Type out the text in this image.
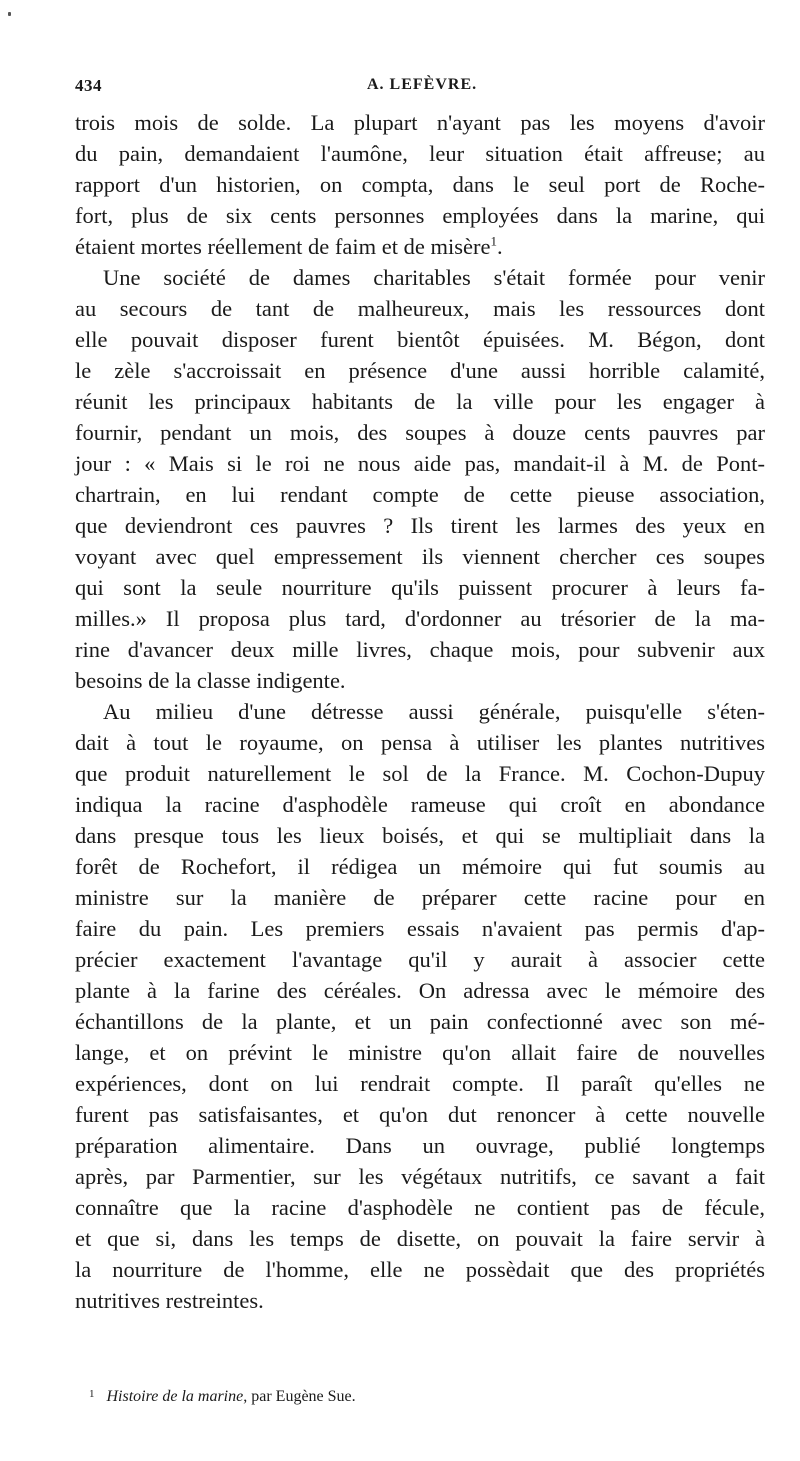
434	A. LEFÈVRE.
trois mois de solde. La plupart n'ayant pas les moyens d'avoir
du pain, demandaient l'aumône, leur situation était affreuse; au
rapport d'un historien, on compta, dans le seul port de Roche-
fort, plus de six cents personnes employées dans la marine, qui
étaient mortes réellement de faim et de misère$^1$.
Une société de dames charitables s'était formée pour venir
au secours de tant de malheureux, mais les ressources dont
elle pouvait disposer furent bientôt épuisées. M. Bégon, dont
le zèle s'accroissait en présence d'une aussi horrible calamité,
réunit les principaux habitants de la ville pour les engager à
fournir, pendant un mois, des soupes à douze cents pauvres par
jour : « Mais si le roi ne nous aide pas, mandait-il à M. de Pont-
chartrain, en lui rendant compte de cette pieuse association,
que deviendront ces pauvres ? Ils tirent les larmes des yeux en
voyant avec quel empressement ils viennent chercher ces soupes
qui sont la seule nourriture qu'ils puissent procurer à leurs fa-
milles.» Il proposa plus tard, d'ordonner au trésorier de la ma-
rine d'avancer deux mille livres, chaque mois, pour subvenir aux
besoins de la classe indigente.
Au milieu d'une détresse aussi générale, puisqu'elle s'éten-
dait à tout le royaume, on pensa à utiliser les plantes nutritives
que produit naturellement le sol de la France. M. Cochon-Dupuy
indiqua la racine d'asphodèle rameuse qui croît en abondance
dans presque tous les lieux boisés, et qui se multipliait dans la
forêt de Rochefort, il rédigea un mémoire qui fut soumis au
ministre sur la manière de préparer cette racine pour en
faire du pain. Les premiers essais n'avaient pas permis d'ap-
précier exactement l'avantage qu'il y aurait à associer cette
plante à la farine des céréales. On adressa avec le mémoire des
échantillons de la plante, et un pain confectionné avec son mé-
lange, et on prévint le ministre qu'on allait faire de nouvelles
expériences, dont on lui rendrait compte. Il paraît qu'elles ne
furent pas satisfaisantes, et qu'on dut renoncer à cette nouvelle
préparation alimentaire. Dans un ouvrage, publié longtemps
après, par Parmentier, sur les végétaux nutritifs, ce savant a fait
connaître que la racine d'asphodèle ne contient pas de fécule,
et que si, dans les temps de disette, on pouvait la faire servir à
la nourriture de l'homme, elle ne possèdait que des propriétés
nutritives restreintes.
$^1$ Histoire de la marine, par Eugène Sue.
